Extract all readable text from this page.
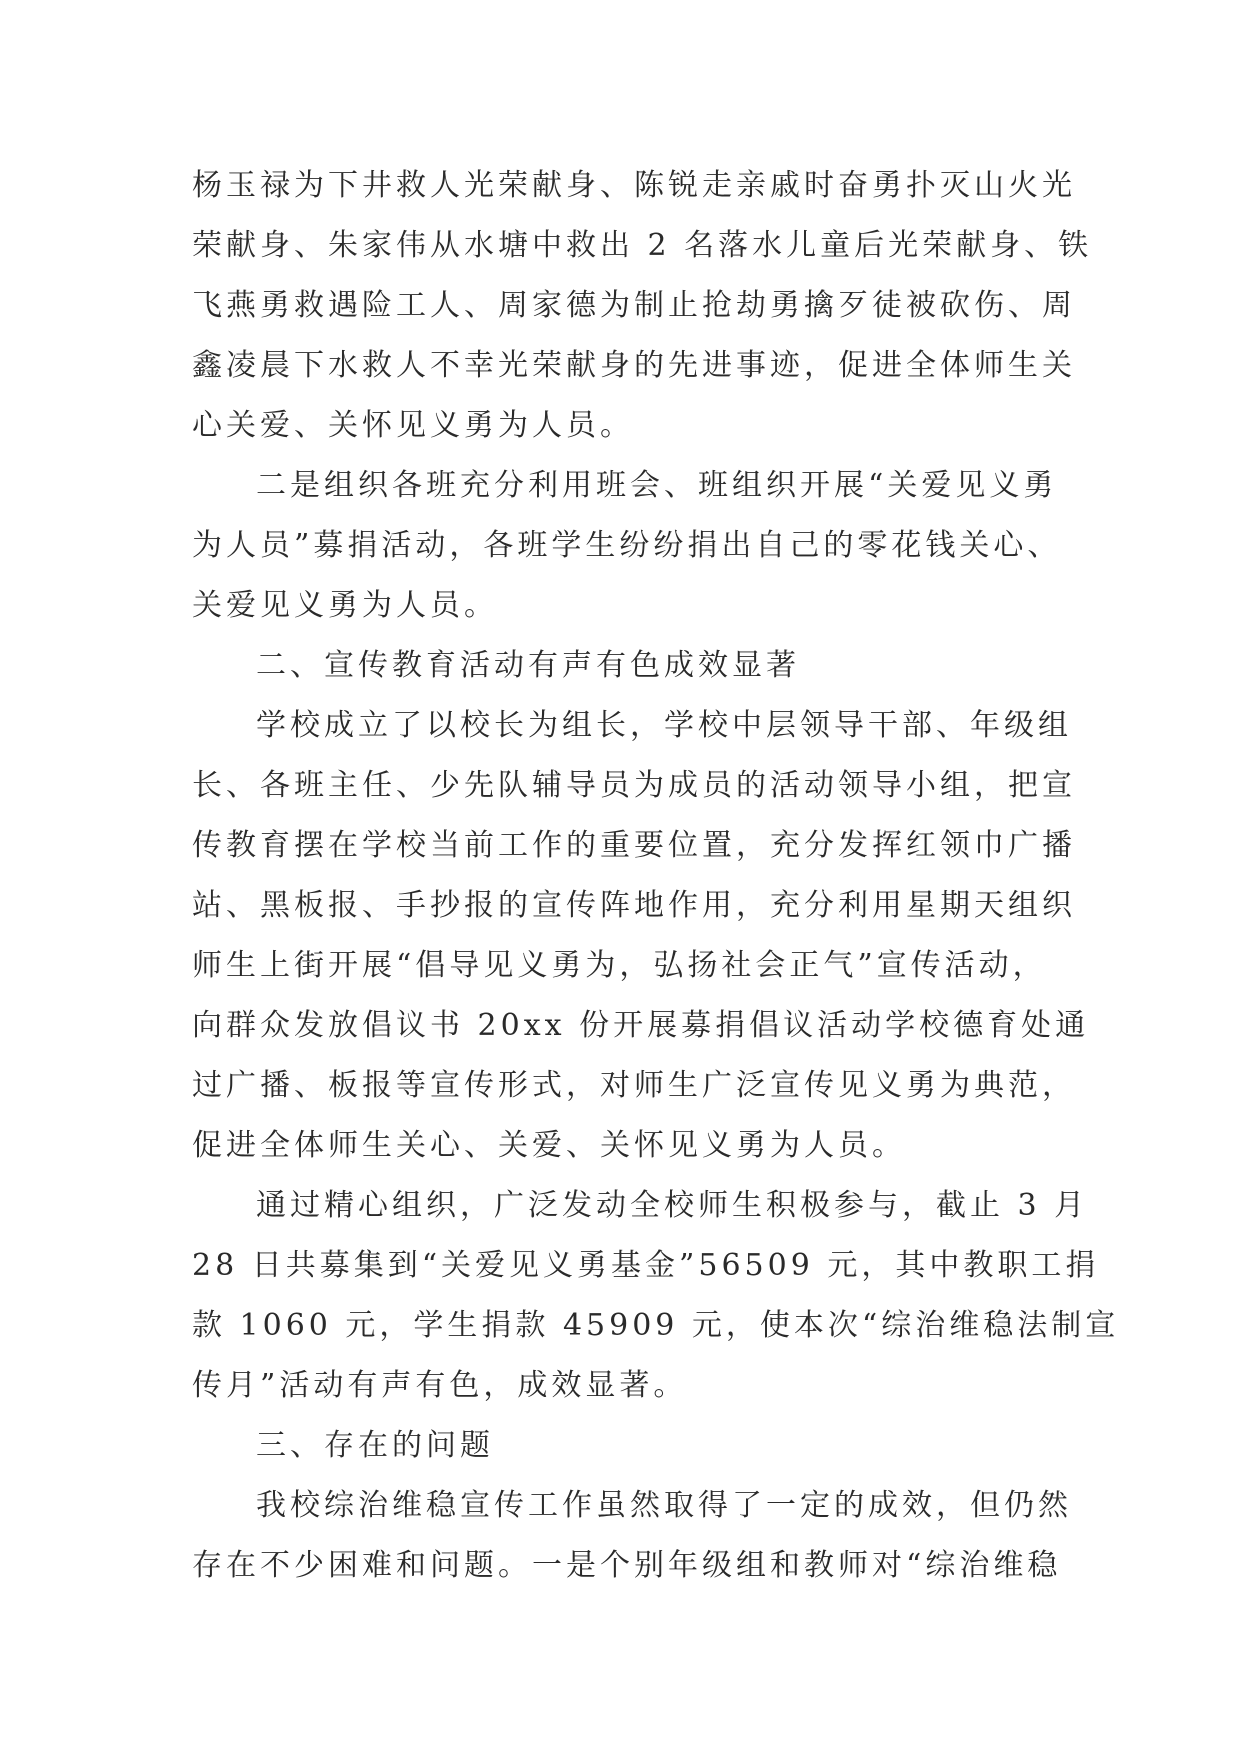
杨玉禄为下井救人光荣献身、陈锐走亲戚时奋勇扑灭山火光
荣献身、朱家伟从水塘中救出 2 名落水儿童后光荣献身、铁
飞燕勇救遇险工人、周家德为制止抢劫勇擒歹徒被砍伤、周
鑫凌晨下水救人不幸光荣献身的先进事迹，促进全体师生关
心关爱、关怀见义勇为人员。
二是组织各班充分利用班会、班组织开展“关爱见义勇
为人员”募捐活动，各班学生纷纷捐出自己的零花钱关心、
关爱见义勇为人员。
二、宣传教育活动有声有色成效显著
学校成立了以校长为组长，学校中层领导干部、年级组
长、各班主任、少先队辅导员为成员的活动领导小组，把宣
传教育摆在学校当前工作的重要位置，充分发挥红领巾广播
站、黑板报、手抄报的宣传阵地作用，充分利用星期天组织
师生上街开展“倡导见义勇为，弘扬社会正气”宣传活动，
向群众发放倡议书 20xx 份开展募捐倡议活动学校德育处通
过广播、板报等宣传形式，对师生广泛宣传见义勇为典范，
促进全体师生关心、关爱、关怀见义勇为人员。
通过精心组织，广泛发动全校师生积极参与，截止 3 月
28 日共募集到“关爱见义勇基金”56509 元，其中教职工捐
款 1060 元，学生捐款 45909 元，使本次“综治维稳法制宣
传月”活动有声有色，成效显著。
三、存在的问题
我校综治维稳宣传工作虽然取得了一定的成效，但仍然
存在不少困难和问题。一是个别年级组和教师对“综治维稳
